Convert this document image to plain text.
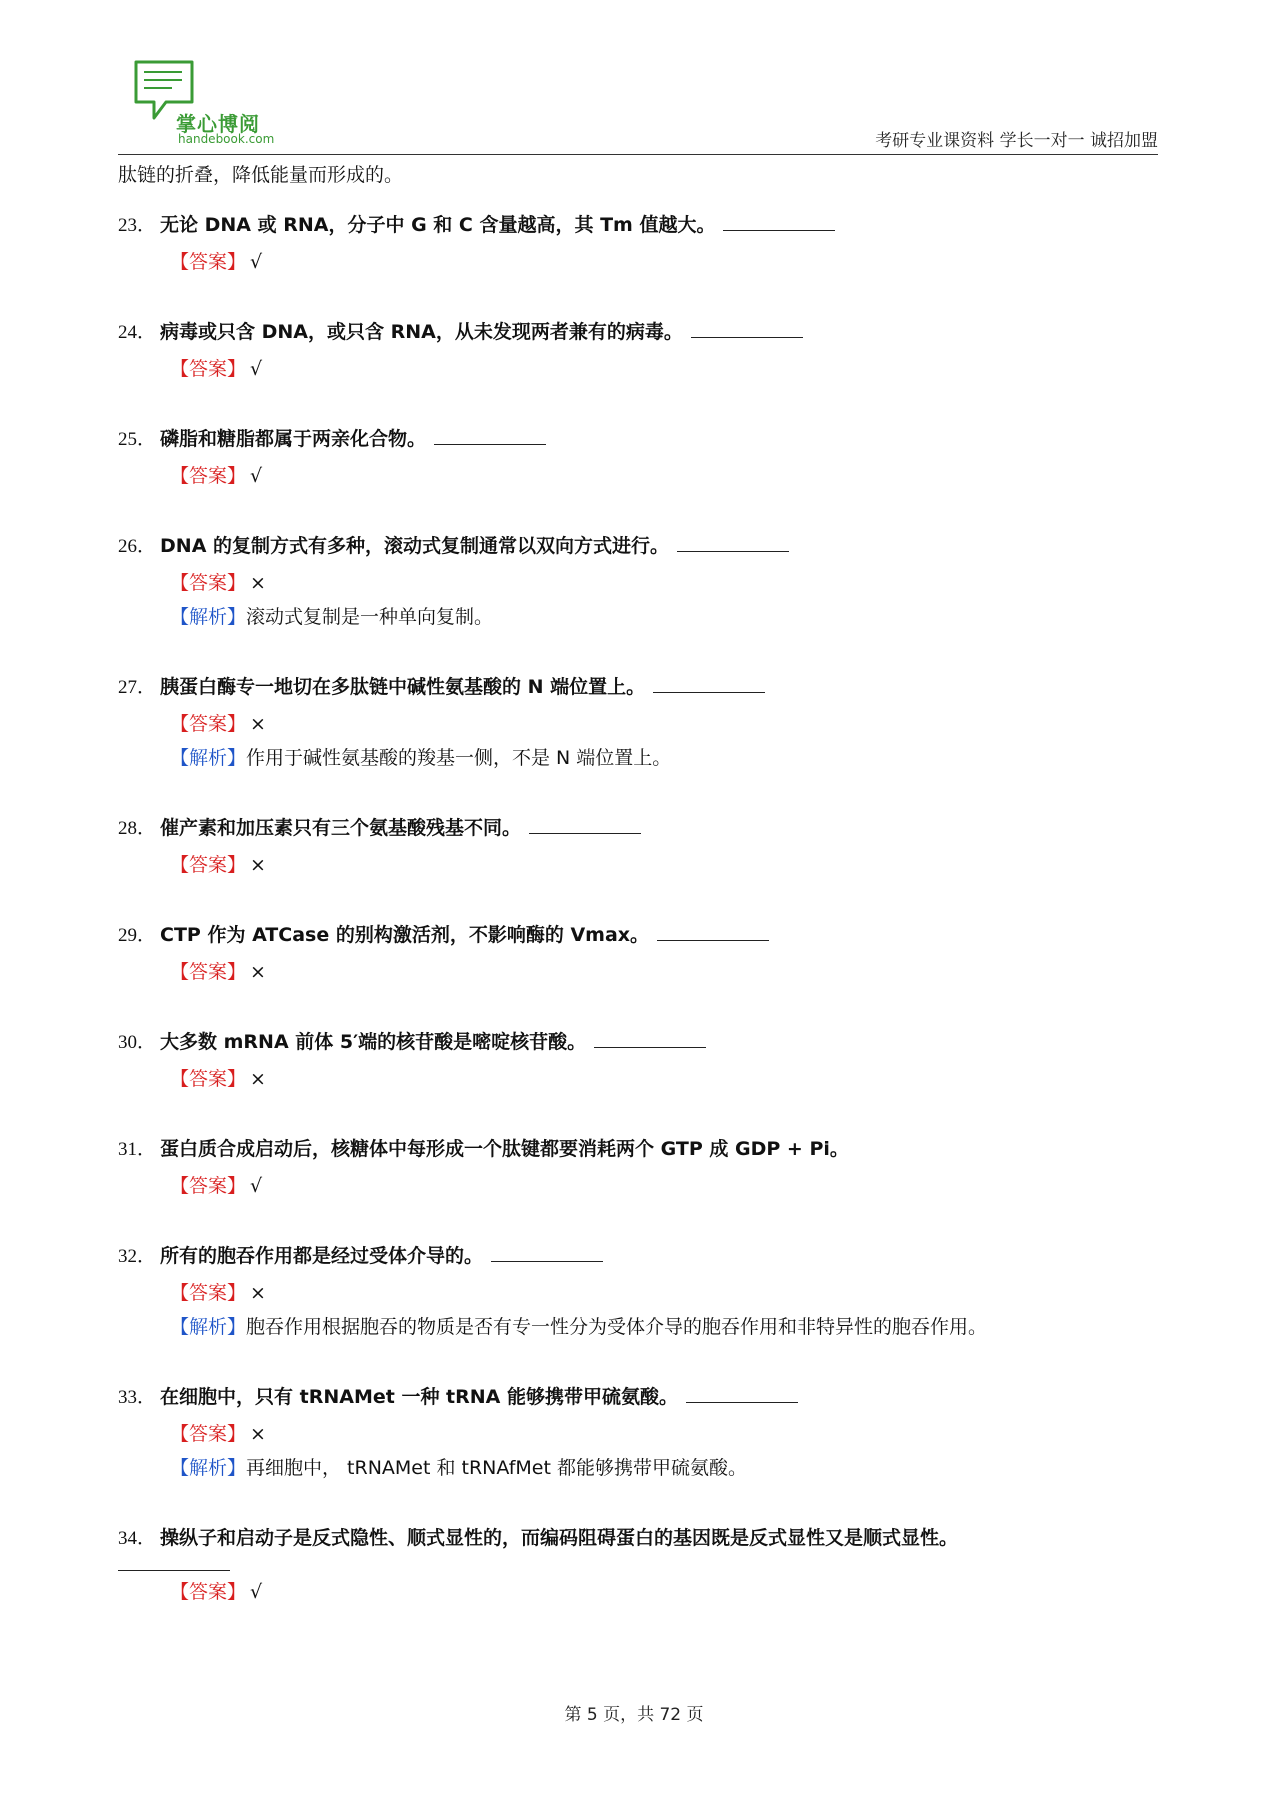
掌心博阅
handebook.com	考研专业课资料 学长一对一 诚招加盟
肽链的折叠，降低能量而形成的。
23． 无论 DNA 或 RNA，分子中 G 和 C 含量越高，其 Tm 值越大。
【答案】 √
24． 病毒或只含 DNA，或只含 RNA，从未发现两者兼有的病毒。
【答案】 √
25． 磷脂和糖脂都属于两亲化合物。
【答案】 √
26． DNA 的复制方式有多种，滚动式复制通常以双向方式进行。
【答案】 ×
【解析】滚动式复制是一种单向复制。
27． 胰蛋白酶专一地切在多肽链中碱性氨基酸的 N 端位置上。
【答案】 ×
【解析】作用于碱性氨基酸的羧基一侧，不是 N 端位置上。
28． 催产素和加压素只有三个氨基酸残基不同。
【答案】 ×
29． CTP 作为 ATCase 的别构激活剂，不影响酶的 Vmax。
【答案】 ×
30． 大多数 mRNA 前体 5′端的核苷酸是嘧啶核苷酸。
【答案】 ×
31． 蛋白质合成启动后，核糖体中每形成一个肽键都要消耗两个 GTP 成 GDP + Pi。
【答案】 √
32． 所有的胞吞作用都是经过受体介导的。
【答案】 ×
【解析】胞吞作用根据胞吞的物质是否有专一性分为受体介导的胞吞作用和非特异性的胞吞作用。
33． 在细胞中，只有 tRNAMet 一种 tRNA 能够携带甲硫氨酸。
【答案】 ×
【解析】再细胞中， tRNAMet 和 tRNAfMet 都能够携带甲硫氨酸。
34． 操纵子和启动子是反式隐性、顺式显性的，而编码阻碍蛋白的基因既是反式显性又是顺式显性。
【答案】 √
第 5 页，共 72 页
